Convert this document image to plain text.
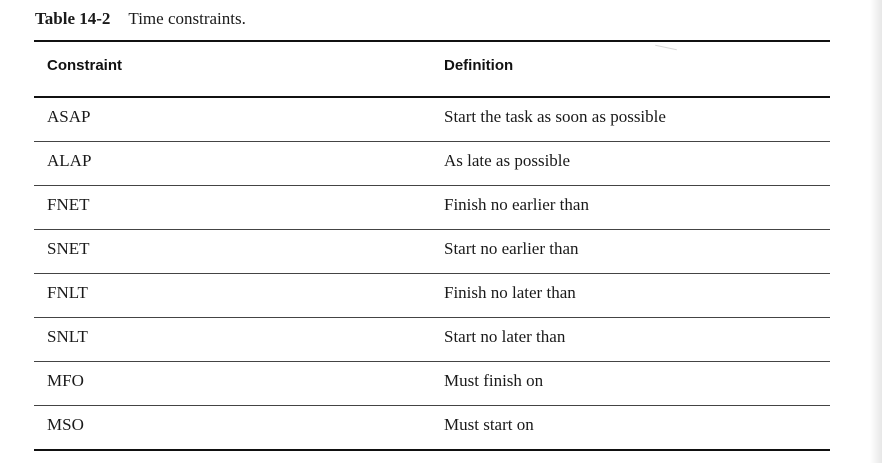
Table 14-2 Time constraints.
Constraint	Definition
ASAP	Start the task as soon as possible
ALAP	As late as possible
FNET	Finish no earlier than
SNET	Start no earlier than
FNLT	Finish no later than
SNLT	Start no later than
MFO	Must finish on
MSO	Must start on
